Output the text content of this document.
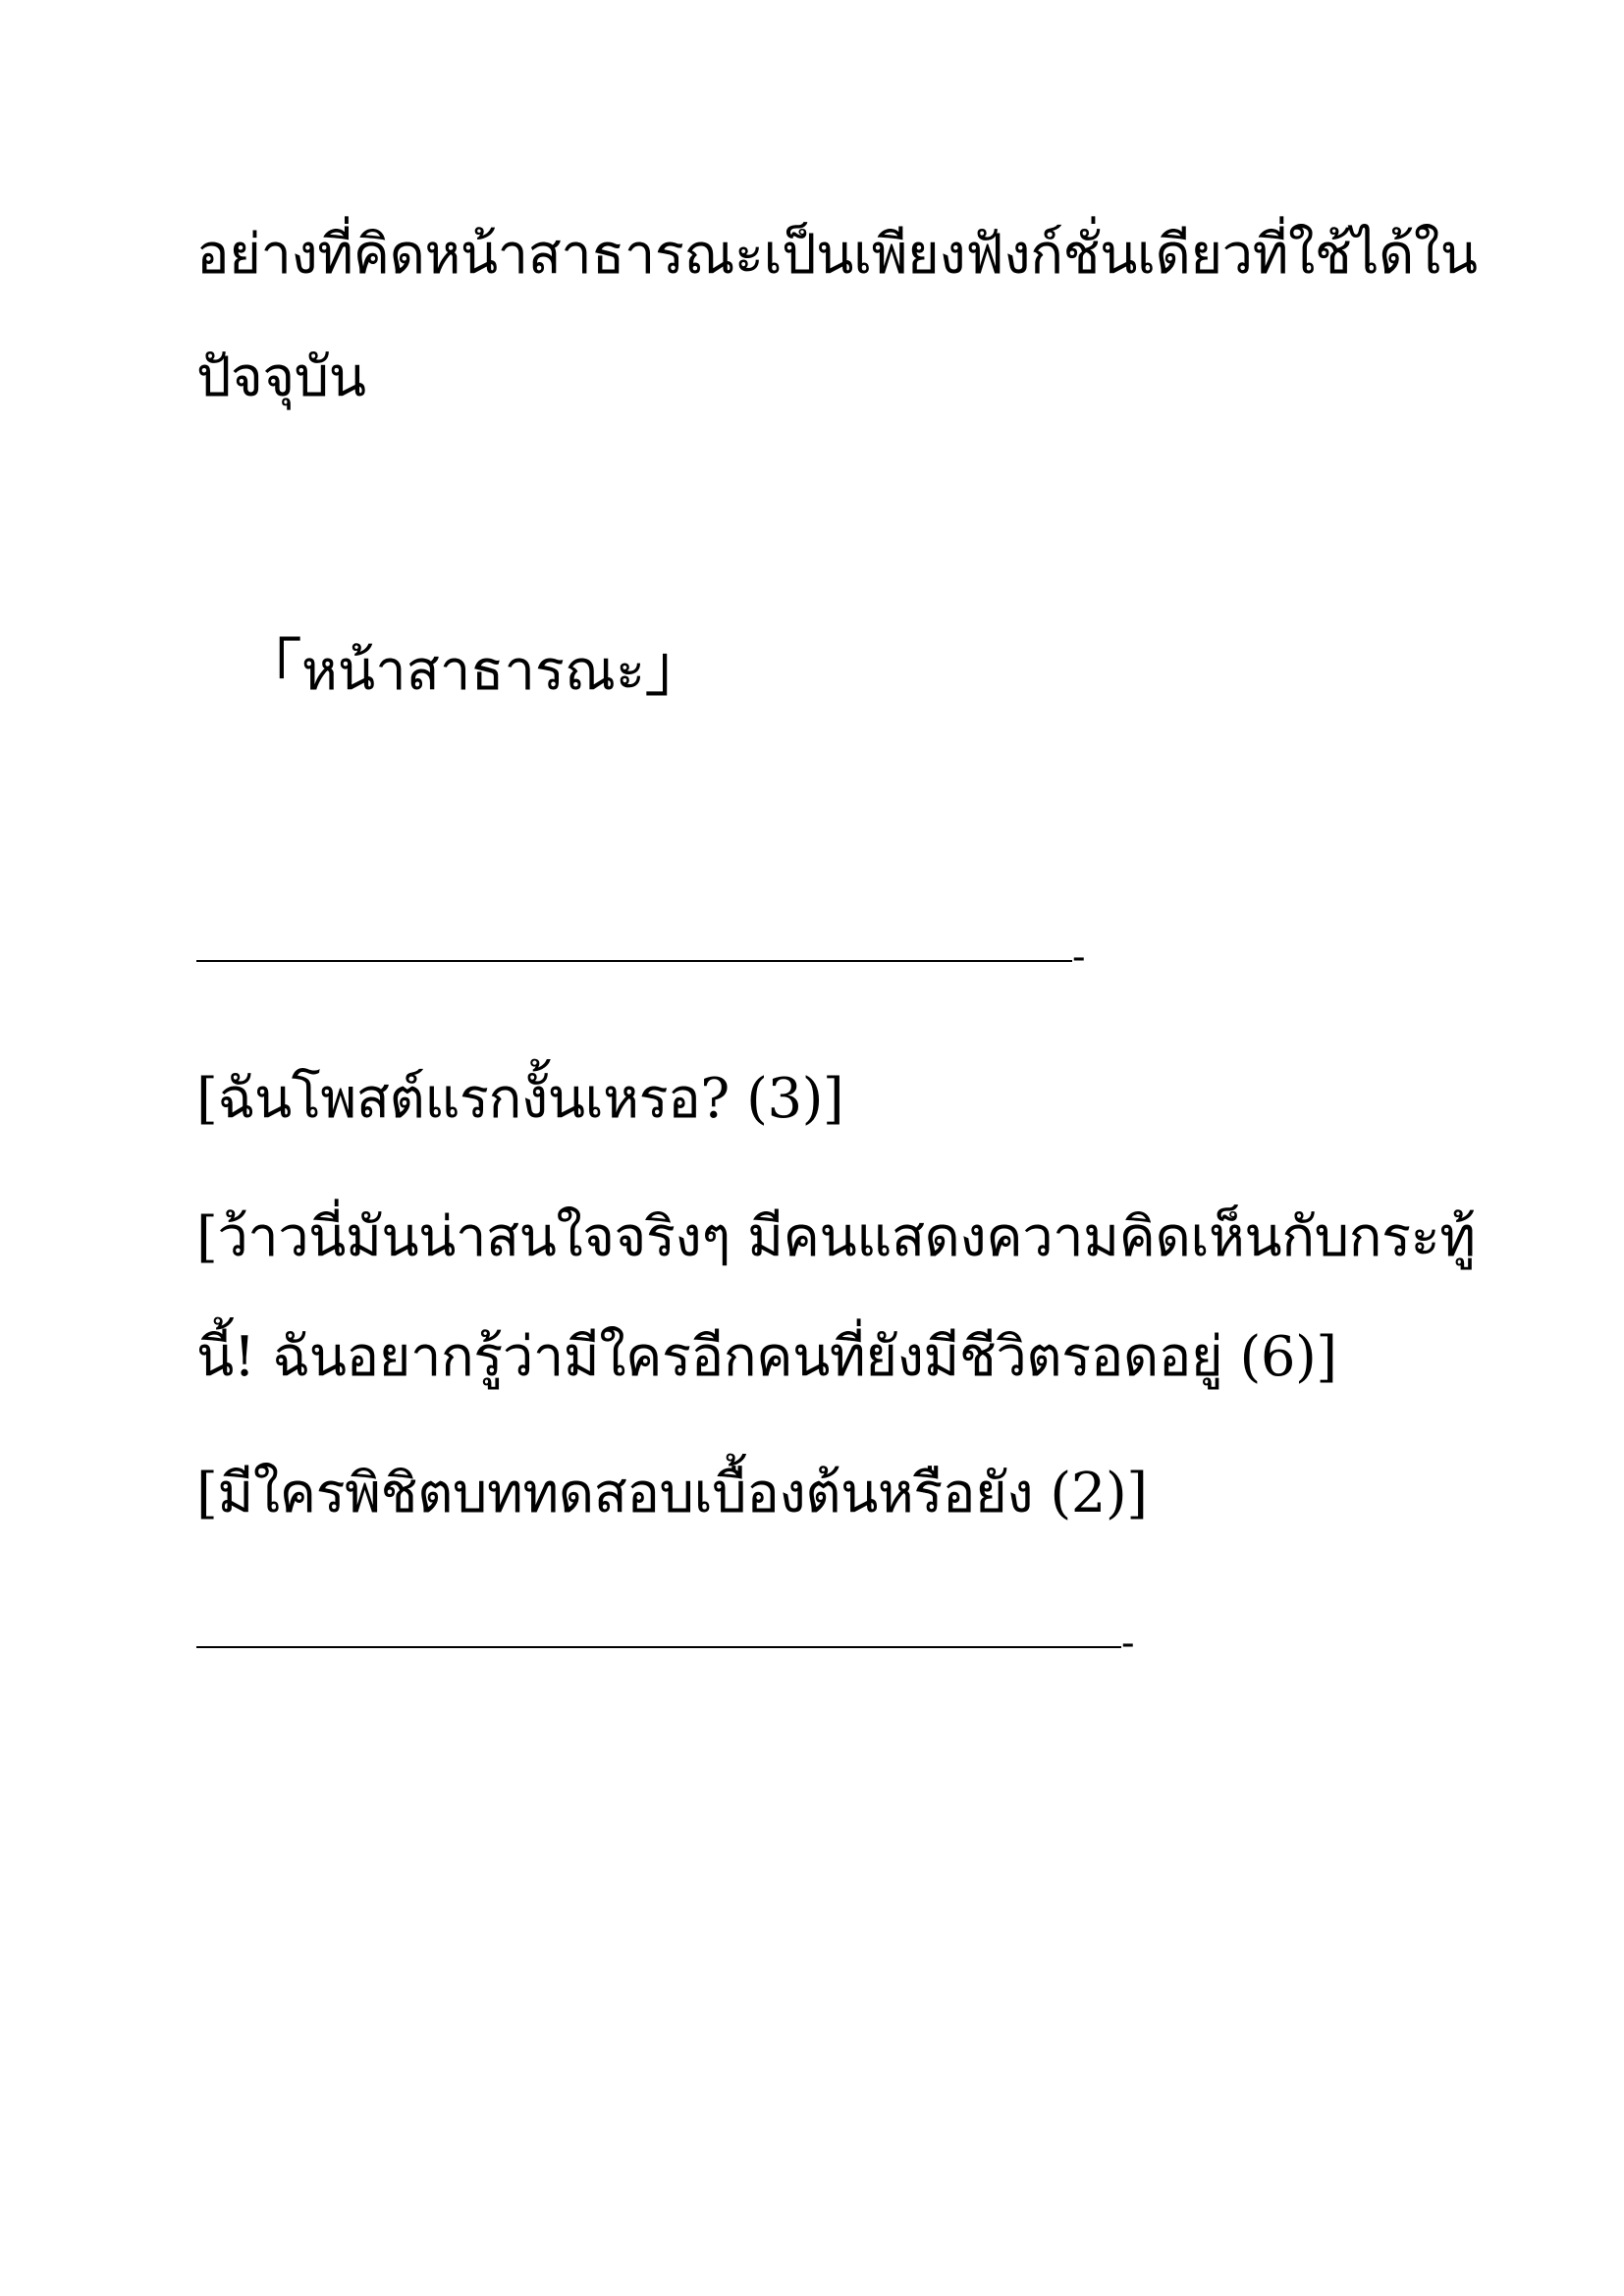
อย่างที่คิดหน้าสาธารณะเป็นเพียงฟังก์ชั่นเดียวที่ใช้ได้ใน
ปัจจุบัน
「หน้าสาธารณะ」
-
[ฉันโพสต์แรกงั้นเหรอ? (3)]
[ว้าวนี่มันน่าสนใจจริงๆ มีคนแสดงความคิดเห็นกับกระทู้
นี้! ฉันอยากรู้ว่ามีใครอีกคนที่ยังมีชีวิตรอดอยู่ (6)]
[มีใครพิชิตบททดสอบเบื้องต้นหรือยัง (2)]
-
